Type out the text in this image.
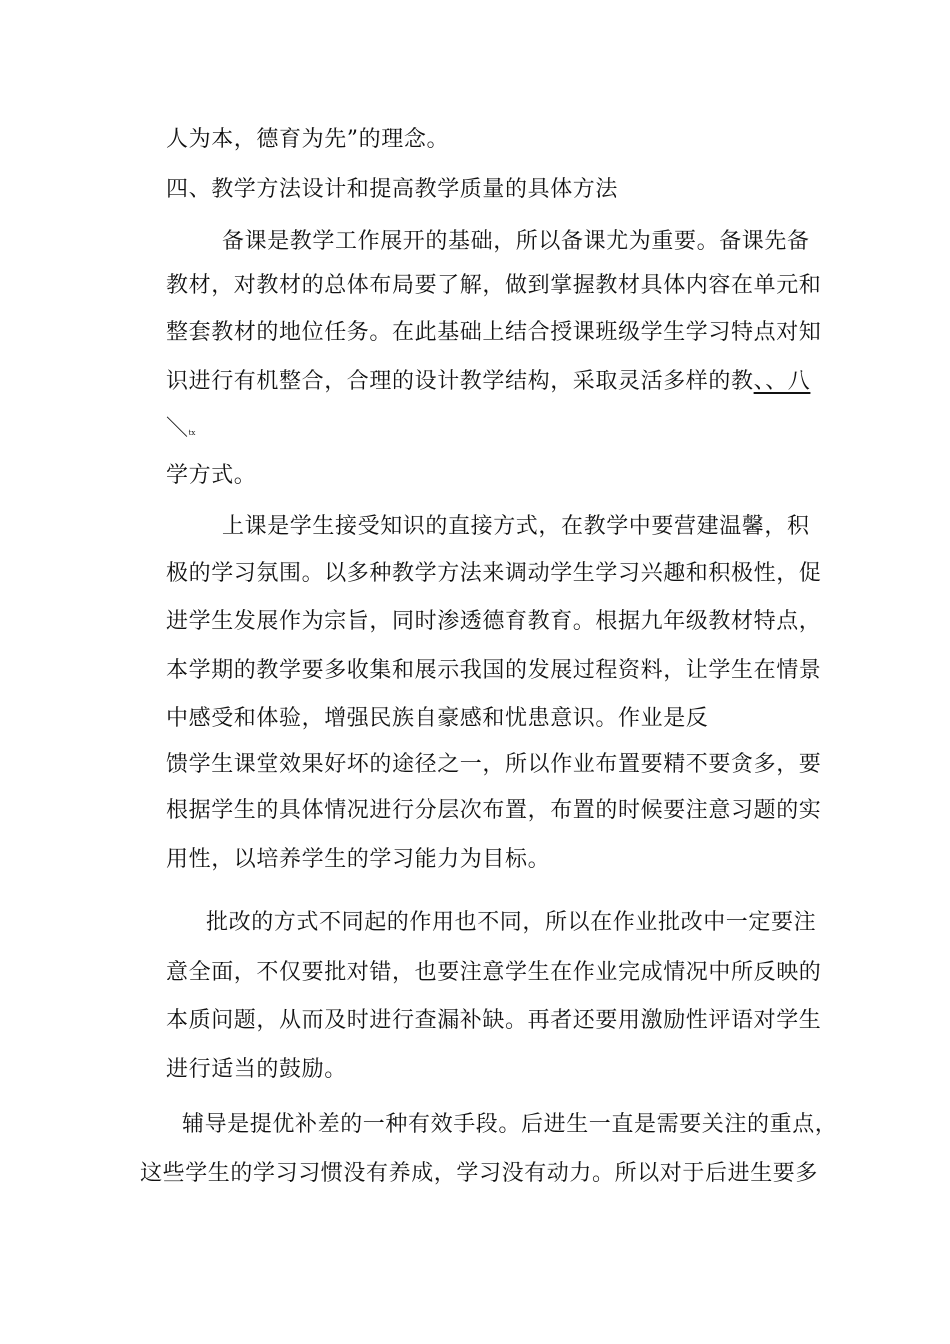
人为本，德育为先”的理念。

四、教学方法设计和提高教学质量的具体方法

备课是教学工作展开的基础，所以备课尤为重要。备课先备

教材，对教材的总体布局要了解，做到掌握教材具体内容在单元和

整套教材的地位任务。在此基础上结合授课班级学生学习特点对知

识进行有机整合，合理的设计教学结构，采取灵活多样的教、、八

＼tx

学方式。

上课是学生接受知识的直接方式，在教学中要营建温馨，积

极的学习氛围。以多种教学方法来调动学生学习兴趣和积极性，促

进学生发展作为宗旨，同时渗透德育教育。根据九年级教材特点，

本学期的教学要多收集和展示我国的发展过程资料，让学生在情景

中感受和体验，增强民族自豪感和忧患意识。作业是反

馈学生课堂效果好坏的途径之一，所以作业布置要精不要贪多，要

根据学生的具体情况进行分层次布置，布置的时候要注意习题的实

用性，以培养学生的学习能力为目标。

批改的方式不同起的作用也不同，所以在作业批改中一定要注

意全面，不仅要批对错，也要注意学生在作业完成情况中所反映的

本质问题，从而及时进行查漏补缺。再者还要用激励性评语对学生

进行适当的鼓励。

辅导是提优补差的一种有效手段。后进生一直是需要关注的重点，

这些学生的学习习惯没有养成，学习没有动力。所以对于后进生要多
